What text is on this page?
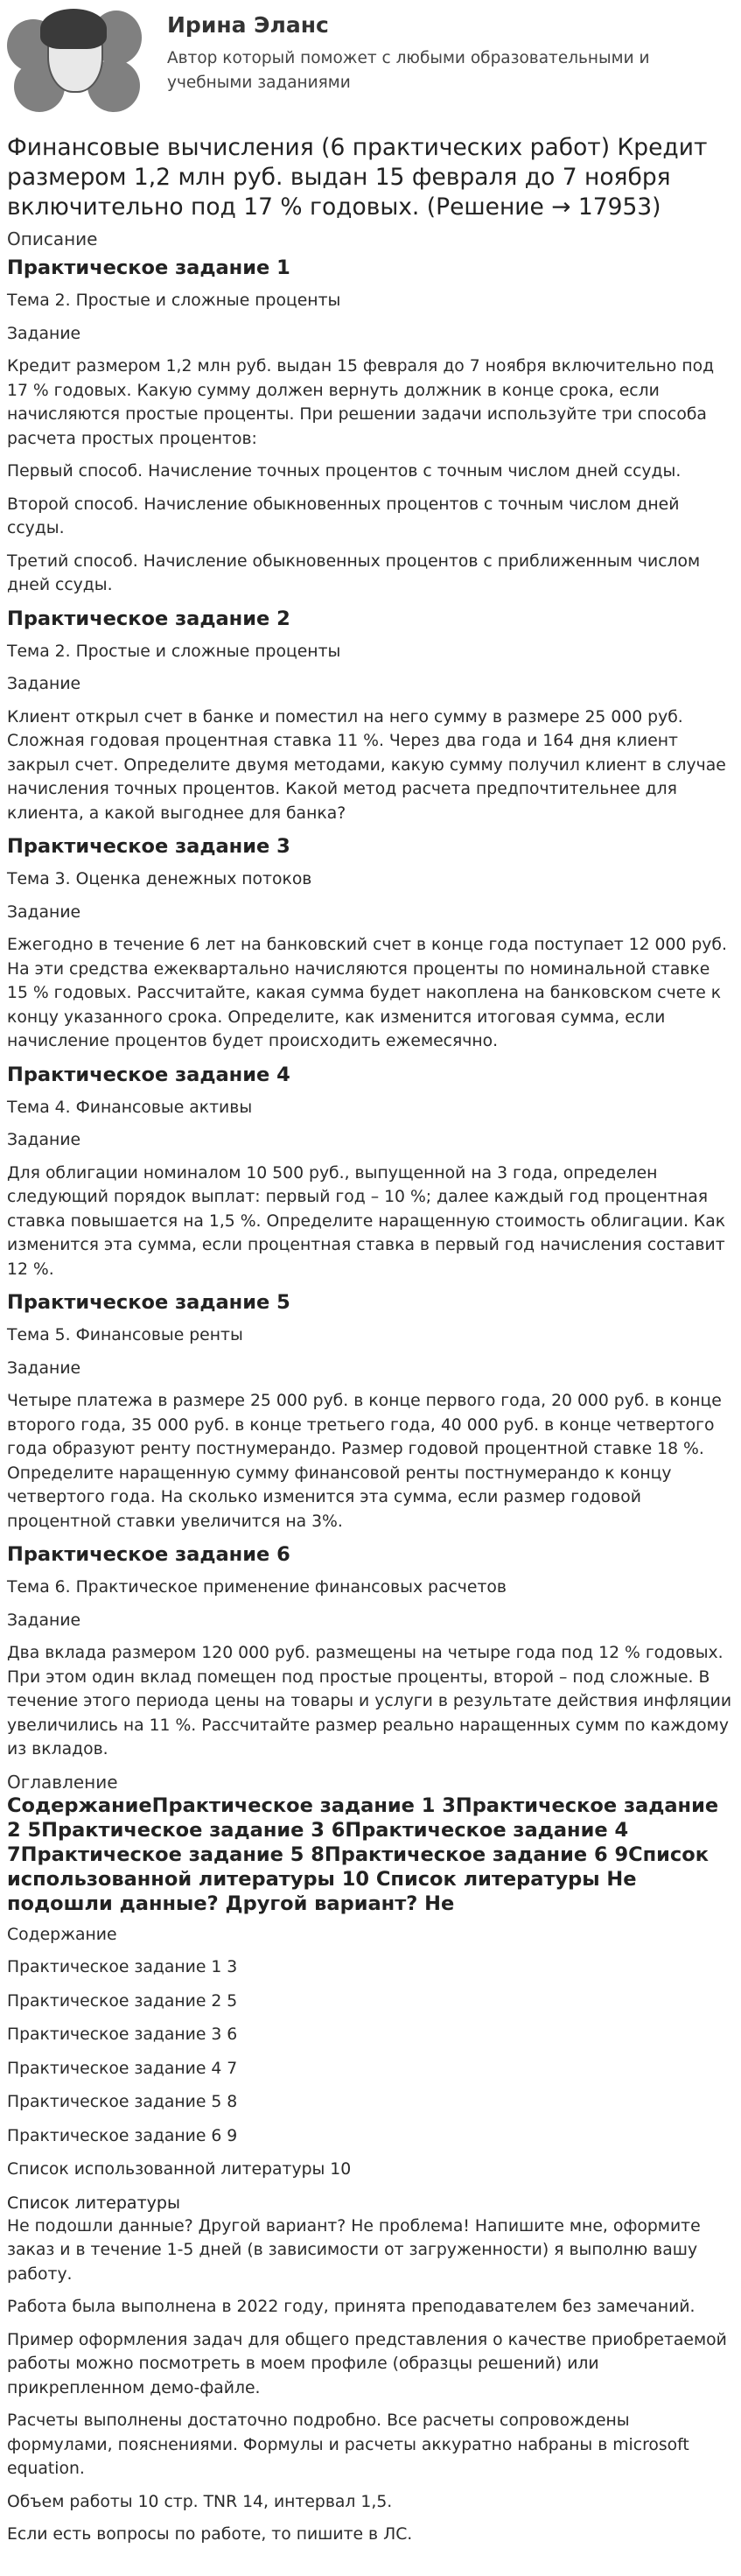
Ирина Эланс
Автор который поможет с любыми образовательными и учебными заданиями
Финансовые вычисления (6 практических работ) Кредит размером 1,2 млн руб. выдан 15 февраля до 7 ноября включительно под 17 % годовых. (Решение → 17953)
Описание
Практическое задание 1

Тема 2. Простые и сложные проценты

Задание

Кредит размером 1,2 млн руб. выдан 15 февраля до 7 ноября включительно под 17 % годовых. Какую сумму должен вернуть должник в конце срока, если начисляются простые проценты. При решении задачи используйте три способа расчета простых процентов:

Первый способ. Начисление точных процентов с точным числом дней ссуды.

Второй способ. Начисление обыкновенных процентов с точным числом дней ссуды.

Третий способ. Начисление обыкновенных процентов с приближенным числом дней ссуды.

Практическое задание 2

Тема 2. Простые и сложные проценты

Задание

Клиент открыл счет в банке и поместил на него сумму в размере 25 000 руб. Сложная годовая процентная ставка 11 %. Через два года и 164 дня клиент закрыл счет. Определите двумя методами, какую сумму получил клиент в случае начисления точных процентов. Какой метод расчета предпочтительнее для клиента, а какой выгоднее для банка?

Практическое задание 3

Тема 3. Оценка денежных потоков

Задание

Ежегодно в течение 6 лет на банковский счет в конце года поступает 12 000 руб. На эти средства ежеквартально начисляются проценты по номинальной ставке 15 % годовых. Рассчитайте, какая сумма будет накоплена на банковском счете к концу указанного срока. Определите, как изменится итоговая сумма, если начисление процентов будет происходить ежемесячно.

Практическое задание 4

Тема 4. Финансовые активы

Задание

Для облигации номиналом 10 500 руб., выпущенной на 3 года, определен следующий порядок выплат: первый год – 10 %; далее каждый год процентная ставка повышается на 1,5 %. Определите наращенную стоимость облигации. Как изменится эта сумма, если процентная ставка в первый год начисления составит 12 %.

Практическое задание 5

Тема 5. Финансовые ренты

Задание

Четыре платежа в размере 25 000 руб. в конце первого года, 20 000 руб. в конце второго года, 35 000 руб. в конце третьего года, 40 000 руб. в конце четвертого года образуют ренту постнумерандо. Размер годовой процентной ставке 18 %. Определите наращенную сумму финансовой ренты постнумерандо к концу четвертого года. На сколько изменится эта сумма, если размер годовой процентной ставки увеличится на 3%.

Практическое задание 6

Тема 6. Практическое применение финансовых расчетов

Задание

Два вклада размером 120 000 руб. размещены на четыре года под 12 % годовых. При этом один вклад помещен под простые проценты, второй – под сложные. В течение этого периода цены на товары и услуги в результате действия инфляции увеличились на 11 %. Рассчитайте размер реально наращенных сумм по каждому из вкладов.

Оглавление
СодержаниеПрактическое задание 1 3Практическое задание 2 5Практическое задание 3 6Практическое задание 4 7Практическое задание 5 8Практическое задание 6 9Список использованной литературы 10 Список литературы Не подошли данные? Другой вариант? Не

Содержание

Практическое задание 1 3

Практическое задание 2 5

Практическое задание 3 6

Практическое задание 4 7

Практическое задание 5 8

Практическое задание 6 9

Список использованной литературы 10

Список литературы

Не подошли данные? Другой вариант? Не проблема! Напишите мне, оформите заказ и в течение 1-5 дней (в зависимости от загруженности) я выполню вашу работу.

Работа была выполнена в 2022 году, принята преподавателем без замечаний.

Пример оформления задач для общего представления о качестве приобретаемой работы можно посмотреть в моем профиле (образцы решений) или прикрепленном демо-файле.

Расчеты выполнены достаточно подробно. Все расчеты сопровождены формулами, пояснениями. Формулы и расчеты аккуратно набраны в microsoft equation.

Объем работы 10 стр. TNR 14, интервал 1,5.

Если есть вопросы по работе, то пишите в ЛС.
